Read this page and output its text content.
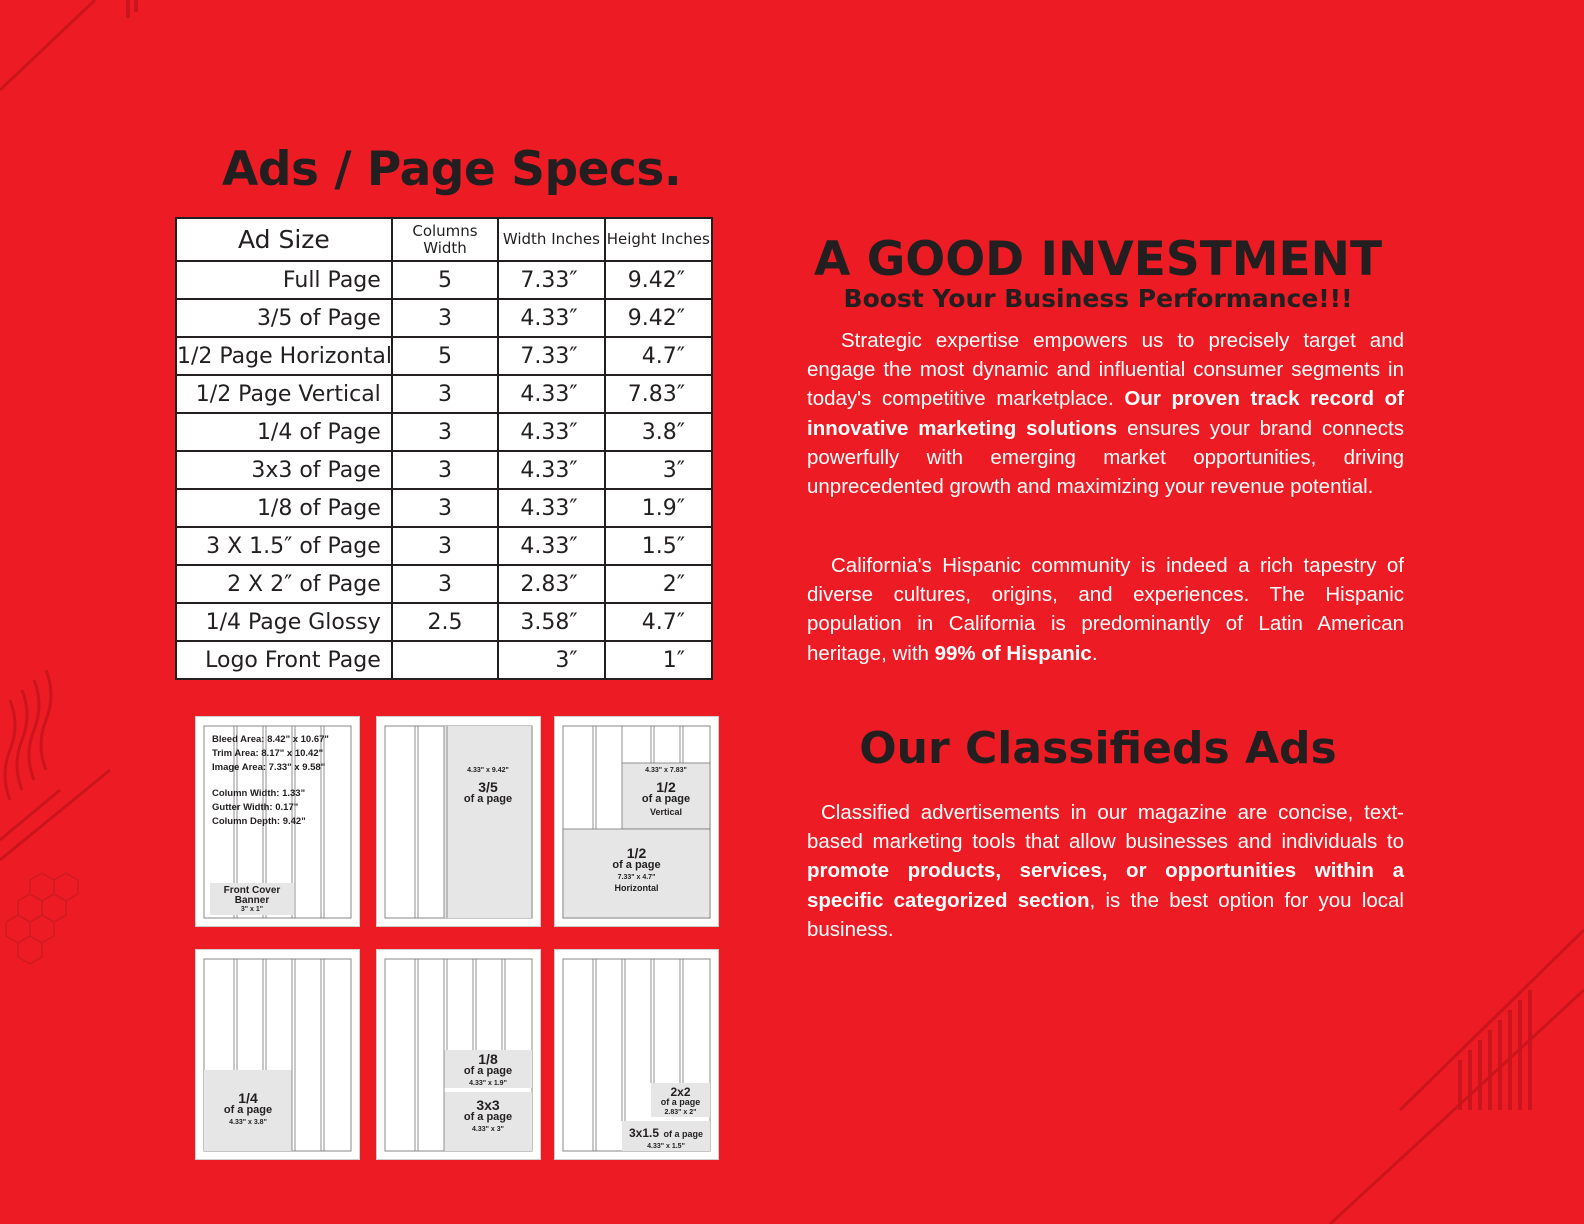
Ads / Page Specs.
Ad Size	Columns Width	Width Inches	Height Inches
Full Page	5	7.33″	9.42″
3/5 of Page	3	4.33″	9.42″
1/2 Page Horizontal	5	7.33″	4.7″
1/2 Page Vertical	3	4.33″	7.83″
1/4 of Page	3	4.33″	3.8″
3x3 of Page	3	4.33″	3″
1/8 of Page	3	4.33″	1.9″
3 X 1.5″ of Page	3	4.33″	1.5″
2 X 2″ of Page	3	2.83″	2″
1/4 Page Glossy	2.5	3.58″	4.7″
Logo Front Page		3″	1″
Bleed Area: 8.42" x 10.67"
Trim Area: 8.17" x 10.42"
Image Area: 7.33" x 9.58"
Column Width: 1.33"
Gutter Width: 0.17"
Column Depth: 9.42"
Front Cover
Banner
3" x 1"
4.33" x 9.42"
3/5
of a page
4.33" x 7.83"
1/2
of a page
Vertical
1/2
of a page
7.33" x 4.7"
Horizontal
1/4
of a page
4.33" x 3.8"
1/8
of a page
4.33" x 1.9"
3x3
of a page
4.33" x 3"
2x2
of a page
2.83" x 2"
3x1.5 of a page
4.33" x 1.5"
A GOOD INVESTMENT
Boost Your Business Performance!!!
Strategic expertise empowers us to precisely target and engage the most dynamic and influential consumer segments in today's competitive marketplace. Our proven track record of innovative marketing solutions ensures your brand connects powerfully with emerging market opportunities, driving unprecedented growth and maximizing your revenue potential.
California's Hispanic community is indeed a rich tapestry of diverse cultures, origins, and experiences. The Hispanic population in California is predominantly of Latin American heritage, with 99% of Hispanic.
Our Classifieds Ads
Classified advertisements in our magazine are concise, text-based marketing tools that allow businesses and individuals to promote products, services, or opportunities within a specific categorized section, is the best option for you local business.
